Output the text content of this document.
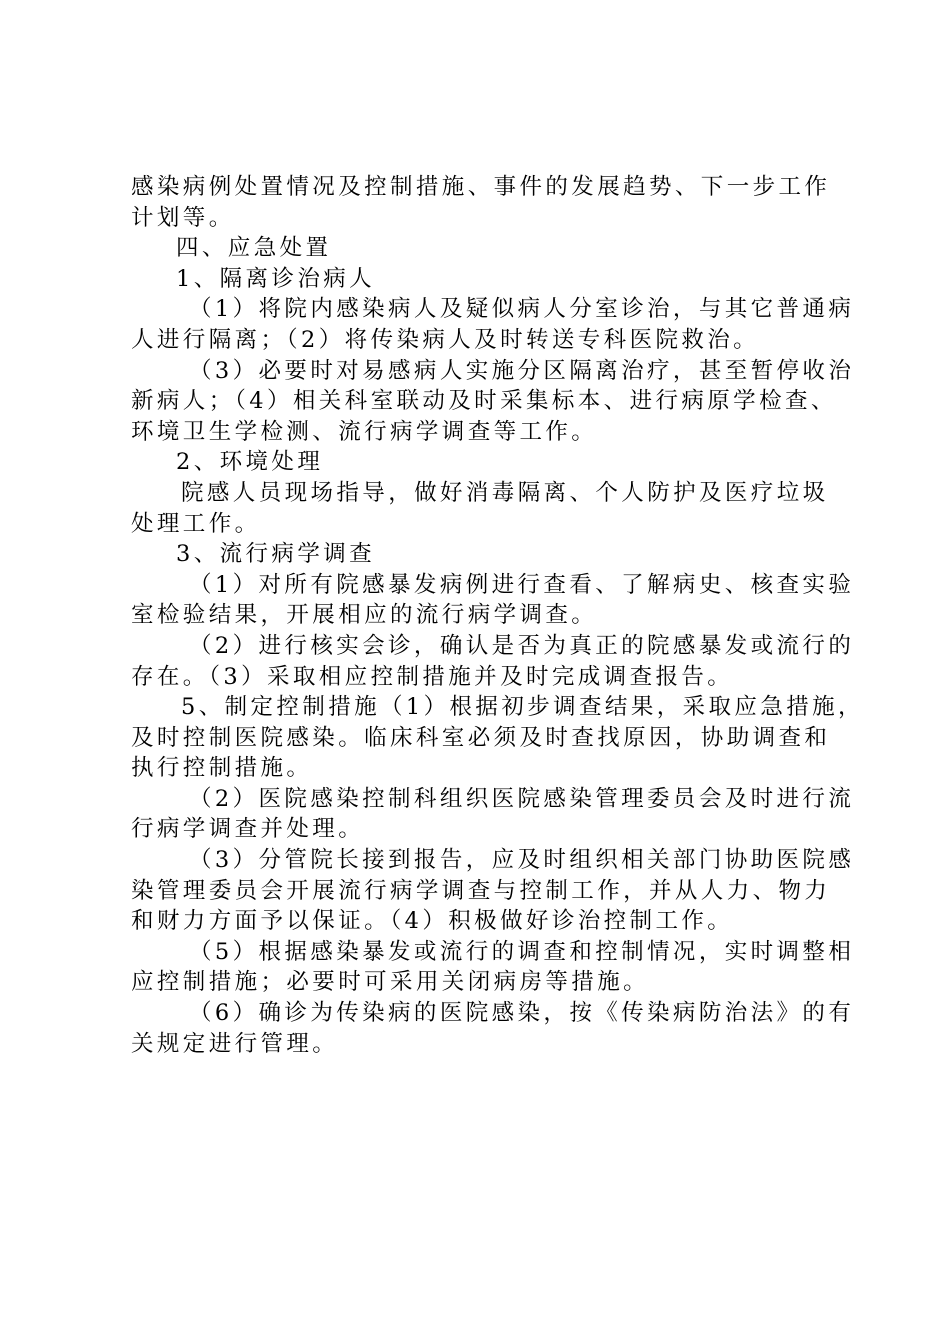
感染病例处置情况及控制措施、事件的发展趋势、下一步工作
计划等。
四、应急处置
1、隔离诊治病人
（1）将院内感染病人及疑似病人分室诊治，与其它普通病
人进行隔离；（2）将传染病人及时转送专科医院救治。
（3）必要时对易感病人实施分区隔离治疗，甚至暂停收治
新病人；（4）相关科室联动及时采集标本、进行病原学检查、
环境卫生学检测、流行病学调查等工作。
2、环境处理
院感人员现场指导，做好消毒隔离、个人防护及医疗垃圾
处理工作。
3、流行病学调查
（1）对所有院感暴发病例进行查看、了解病史、核查实验
室检验结果，开展相应的流行病学调查。
（2）进行核实会诊，确认是否为真正的院感暴发或流行的
存在。（3）采取相应控制措施并及时完成调查报告。
5、制定控制措施（1）根据初步调查结果，采取应急措施，
及时控制医院感染。临床科室必须及时查找原因，协助调查和
执行控制措施。
（2）医院感染控制科组织医院感染管理委员会及时进行流
行病学调查并处理。
（3）分管院长接到报告，应及时组织相关部门协助医院感
染管理委员会开展流行病学调查与控制工作，并从人力、物力
和财力方面予以保证。（4）积极做好诊治控制工作。
（5）根据感染暴发或流行的调查和控制情况，实时调整相
应控制措施；必要时可采用关闭病房等措施。
（6）确诊为传染病的医院感染，按《传染病防治法》的有
关规定进行管理。
